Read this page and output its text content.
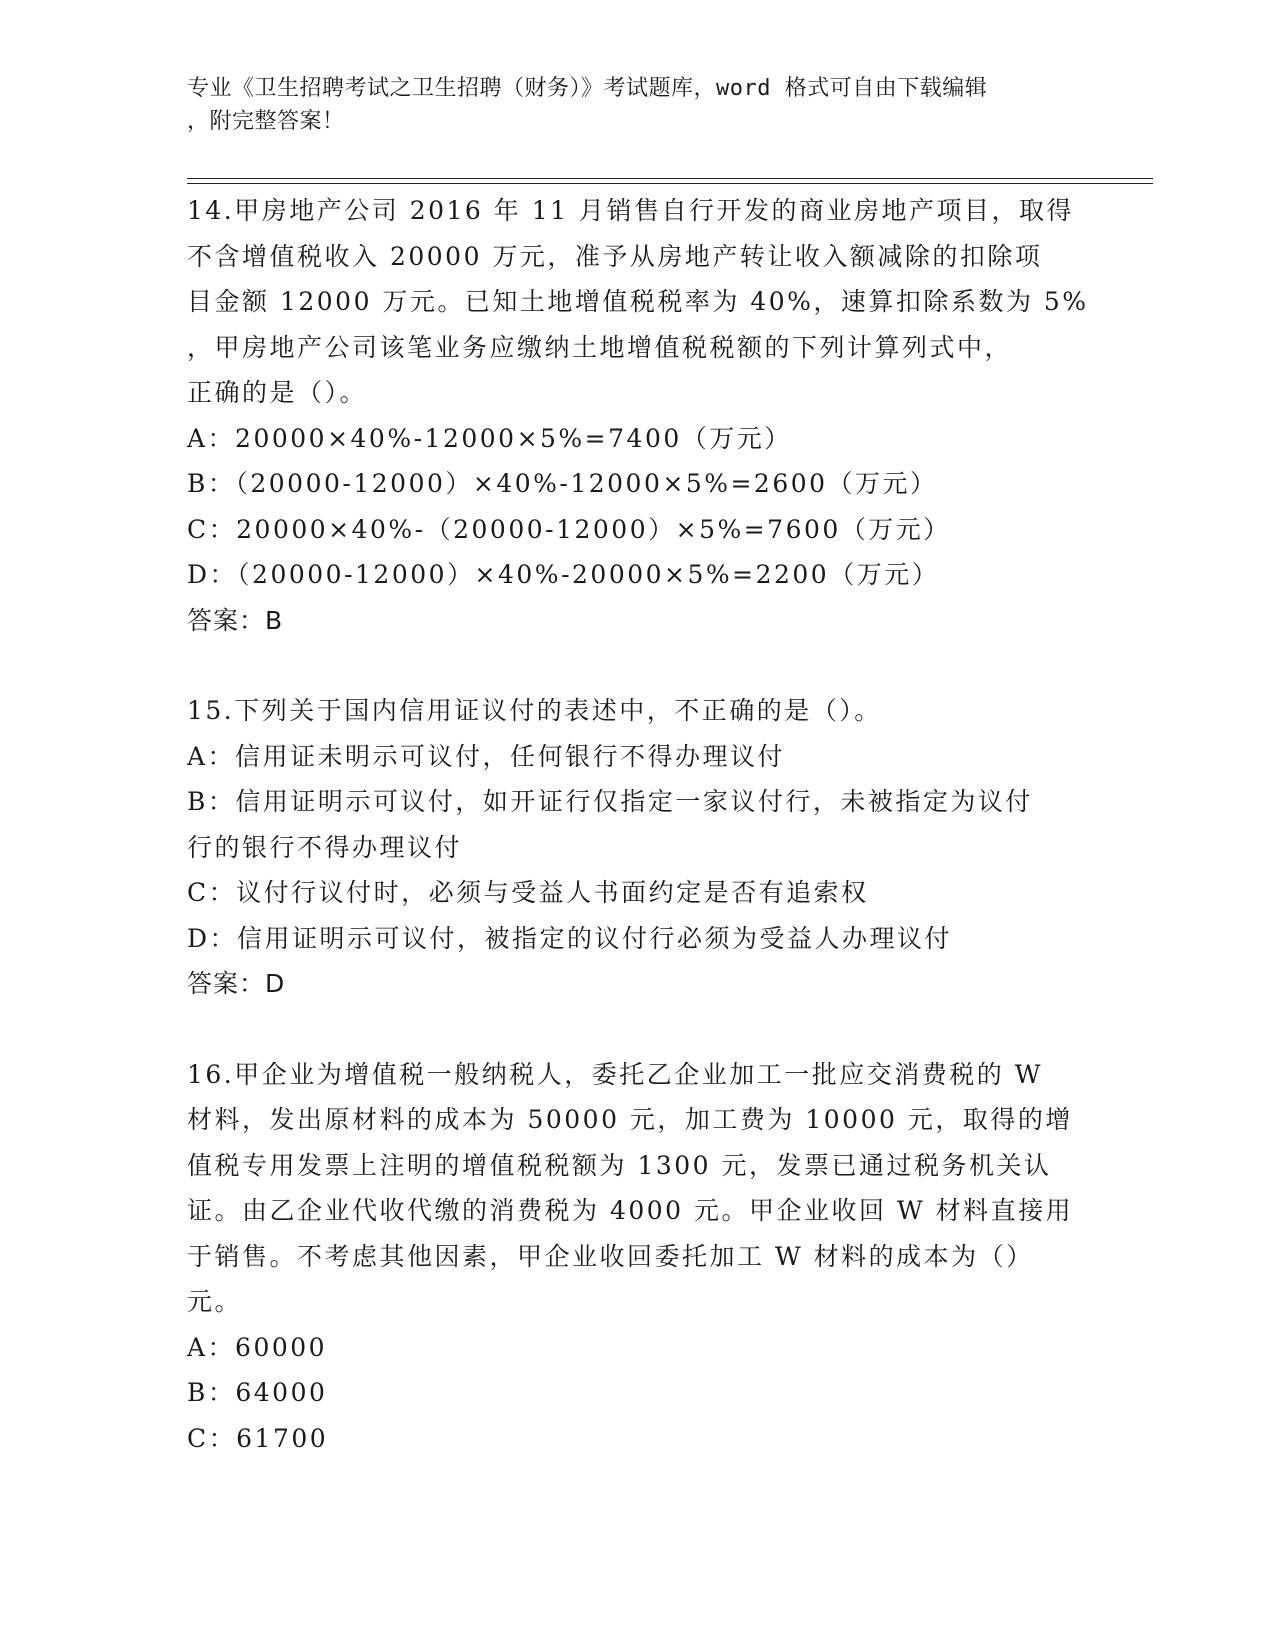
专业《卫生招聘考试之卫生招聘（财务）》考试题库，word 格式可自由下载编辑
，附完整答案！
14.甲房地产公司 2016 年 11 月销售自行开发的商业房地产项目，取得
不含增值税收入 20000 万元，准予从房地产转让收入额减除的扣除项
目金额 12000 万元。已知土地增值税税率为 40%，速算扣除系数为 5%
，甲房地产公司该笔业务应缴纳土地增值税税额的下列计算列式中，
正确的是（）。
A：20000×40%-12000×5%=7400（万元）
B：（20000-12000）×40%-12000×5%=2600（万元）
C：20000×40%-（20000-12000）×5%=7600（万元）
D：（20000-12000）×40%-20000×5%=2200（万元）
答案：B
15.下列关于国内信用证议付的表述中，不正确的是（）。
A：信用证未明示可议付，任何银行不得办理议付
B：信用证明示可议付，如开证行仅指定一家议付行，未被指定为议付
行的银行不得办理议付
C：议付行议付时，必须与受益人书面约定是否有追索权
D：信用证明示可议付，被指定的议付行必须为受益人办理议付
答案：D
16.甲企业为增值税一般纳税人，委托乙企业加工一批应交消费税的 W
材料，发出原材料的成本为 50000 元，加工费为 10000 元，取得的增
值税专用发票上注明的增值税税额为 1300 元，发票已通过税务机关认
证。由乙企业代收代缴的消费税为 4000 元。甲企业收回 W 材料直接用
于销售。不考虑其他因素，甲企业收回委托加工 W 材料的成本为（）
元。
A：60000
B：64000
C：61700
